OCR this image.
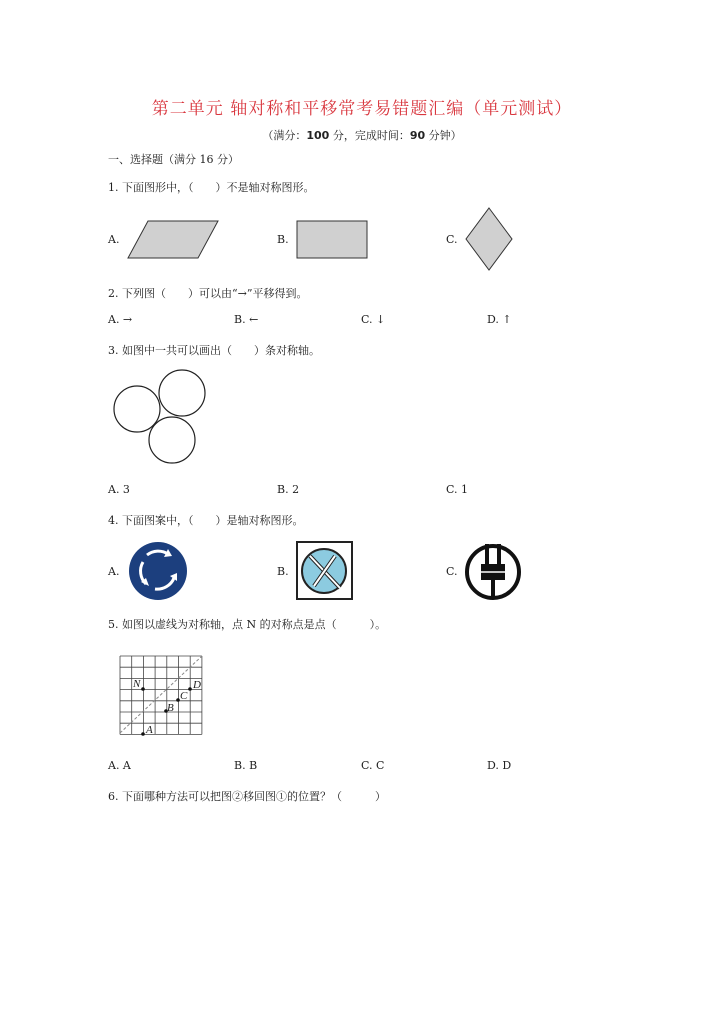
第二单元 轴对称和平移常考易错题汇编（单元测试）
（满分：100 分，完成时间：90 分钟）
一、选择题（满分 16 分）
1. 下面图形中，（　　）不是轴对称图形。
A.	B.	C.
2. 下列图（　　）可以由“→”平移得到。
A. →	B. ←	C. ↓	D. ↑
3. 如图中一共可以画出（　　）条对称轴。
A. 3	B. 2	C. 1
4. 下面图案中，（　　）是轴对称图形。
A.	B.	C.
5. 如图以虚线为对称轴，点 N 的对称点是点（　　　）。
A. A	B. B	C. C	D. D
6. 下面哪种方法可以把图②移回图①的位置？（　　　）
N	D
C
B
A
